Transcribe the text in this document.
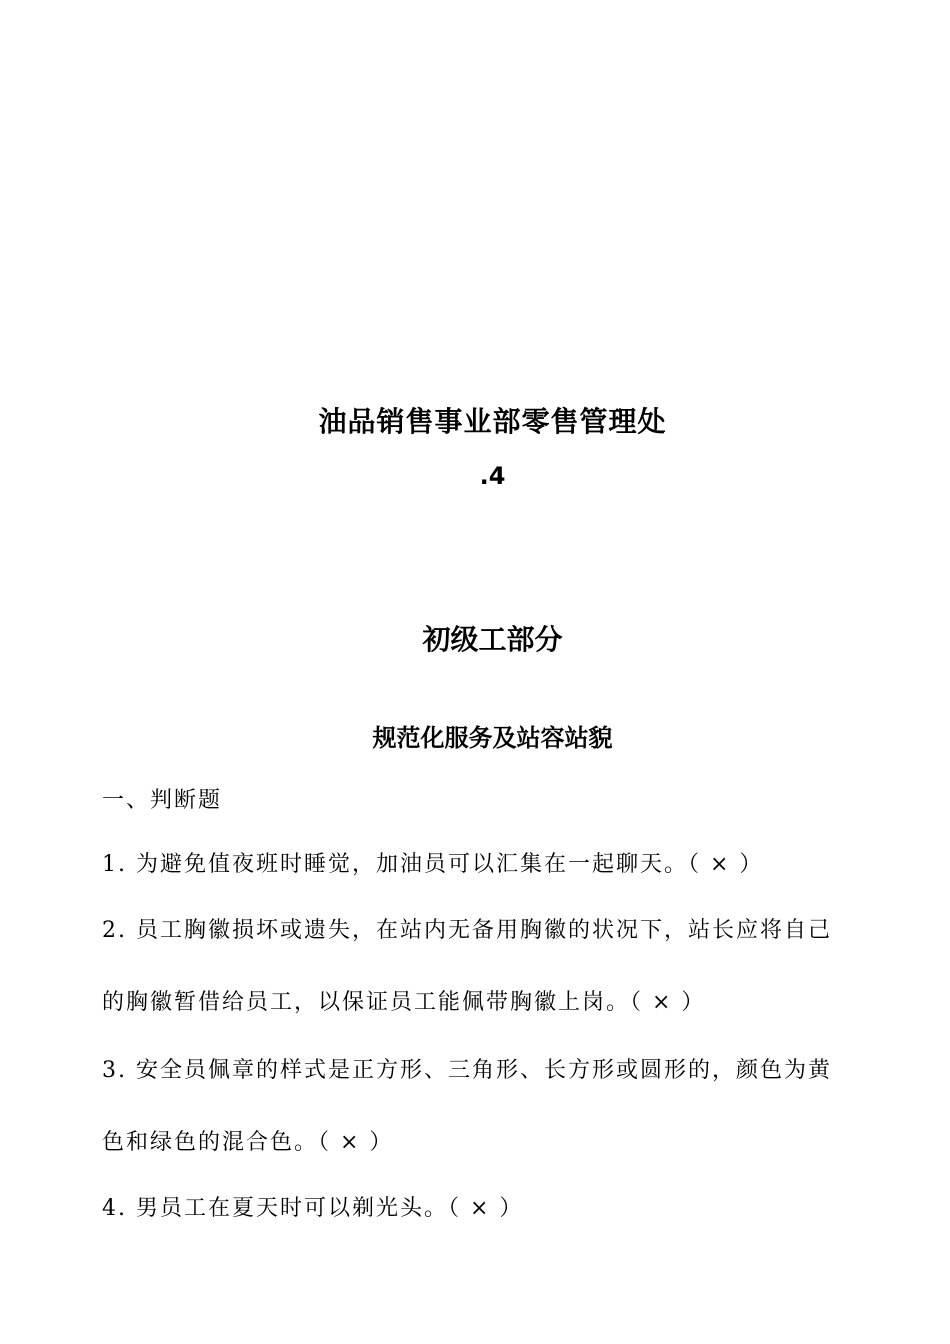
油品销售事业部零售管理处
.4
初级工部分
规范化服务及站容站貌
一、判断题
1. 为避免值夜班时睡觉，加油员可以汇集在一起聊天。（ × ）
2. 员工胸徽损坏或遗失，在站内无备用胸徽的状况下，站长应将自己
的胸徽暂借给员工，以保证员工能佩带胸徽上岗。（ × ）
3. 安全员佩章的样式是正方形、三角形、长方形或圆形的，颜色为黄
色和绿色的混合色。（ × ）
4. 男员工在夏天时可以剃光头。（ × ）
